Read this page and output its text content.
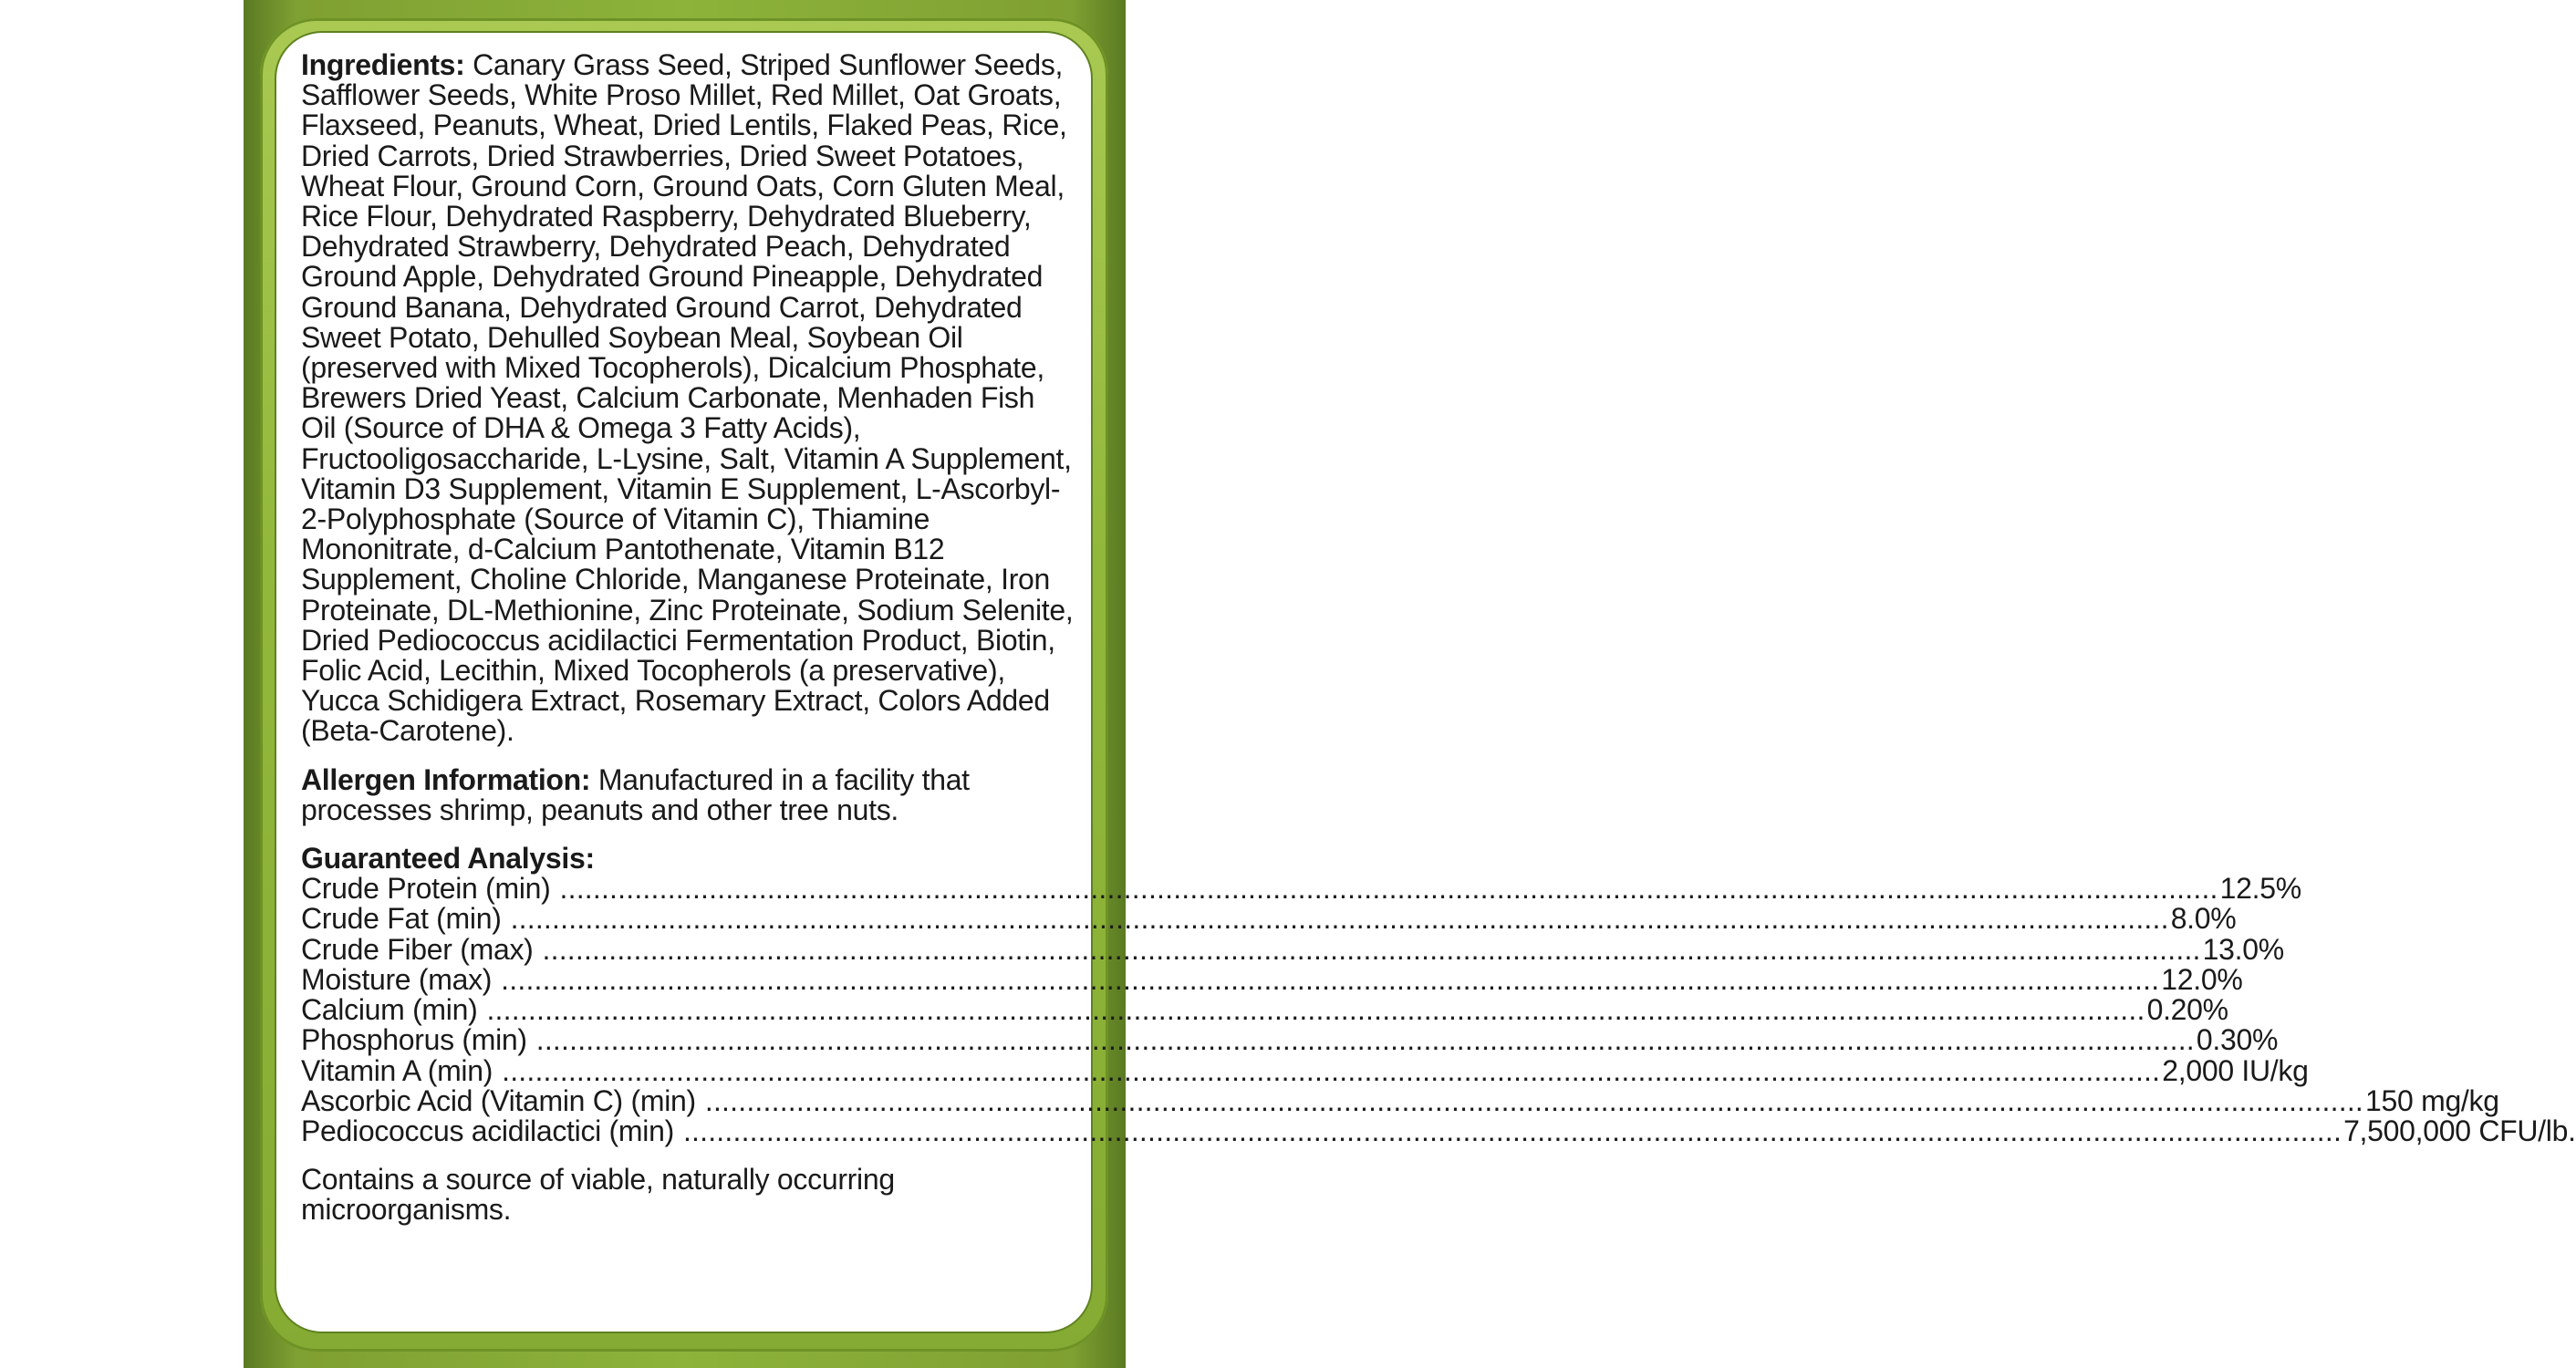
Ingredients: Canary Grass Seed, Striped Sunflower Seeds, Safflower Seeds, White Proso Millet, Red Millet, Oat Groats, Flaxseed, Peanuts, Wheat, Dried Lentils, Flaked Peas, Rice, Dried Carrots, Dried Strawberries, Dried Sweet Potatoes, Wheat Flour, Ground Corn, Ground Oats, Corn Gluten Meal, Rice Flour, Dehydrated Raspberry, Dehydrated Blueberry, Dehydrated Strawberry, Dehydrated Peach, Dehydrated Ground Apple, Dehydrated Ground Pineapple, Dehydrated Ground Banana, Dehydrated Ground Carrot, Dehydrated Sweet Potato, Dehulled Soybean Meal, Soybean Oil (preserved with Mixed Tocopherols), Dicalcium Phosphate, Brewers Dried Yeast, Calcium Carbonate, Menhaden Fish Oil (Source of DHA & Omega 3 Fatty Acids), Fructooligosaccharide, L-Lysine, Salt, Vitamin A Supplement, Vitamin D3 Supplement, Vitamin E Supplement, L-Ascorbyl-2-Polyphosphate (Source of Vitamin C), Thiamine Mononitrate, d-Calcium Pantothenate, Vitamin B12 Supplement, Choline Chloride, Manganese Proteinate, Iron Proteinate, DL-Methionine, Zinc Proteinate, Sodium Selenite, Dried Pediococcus acidilactici Fermentation Product, Biotin, Folic Acid, Lecithin, Mixed Tocopherols (a preservative), Yucca Schidigera Extract, Rosemary Extract, Colors Added (Beta-Carotene).

Allergen Information: Manufactured in a facility that processes shrimp, peanuts and other tree nuts.

Guaranteed Analysis:

Crude Protein (min) ........................................................................................................................................................................................................ 12.5%
Crude Fat (min) ........................................................................................................................................................................................................ 8.0%
Crude Fiber (max) ........................................................................................................................................................................................................ 13.0%
Moisture (max) ........................................................................................................................................................................................................ 12.0%
Calcium (min) ........................................................................................................................................................................................................ 0.20%
Phosphorus (min) ........................................................................................................................................................................................................ 0.30%
Vitamin A (min) ........................................................................................................................................................................................................ 2,000 IU/kg
Ascorbic Acid (Vitamin C) (min) ........................................................................................................................................................................................................ 150 mg/kg
Pediococcus acidilactici (min) ........................................................................................................................................................................................................ 7,500,000 CFU/lb.

Contains a source of viable, naturally occurring microorganisms.
